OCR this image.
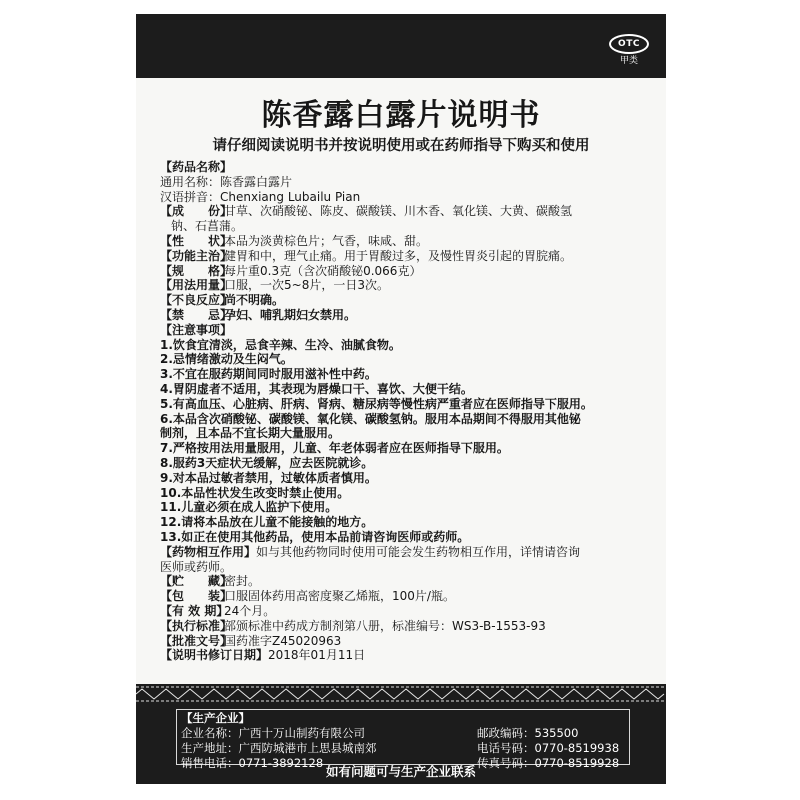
OTC
甲类
陈香露白露片说明书
请仔细阅读说明书并按说明使用或在药师指导下购买和使用
【药品名称】
通用名称：陈香露白露片
汉语拼音：Chenxiang Lubailu Pian
【成　　份】甘草、次硝酸铋、陈皮、碳酸镁、川木香、氧化镁、大黄、碳酸氢
钠、石菖蒲。
【性　　状】本品为淡黄棕色片；气香，味咸、甜。
【功能主治】健胃和中，理气止痛。用于胃酸过多，及慢性胃炎引起的胃脘痛。
【规　　格】每片重0.3克（含次硝酸铋0.066克）
【用法用量】口服，一次5~8片，一日3次。
【不良反应】尚不明确。
【禁　　忌】孕妇、哺乳期妇女禁用。
【注意事项】
1.饮食宜清淡，忌食辛辣、生冷、油腻食物。
2.忌情绪激动及生闷气。
3.不宜在服药期间同时服用滋补性中药。
4.胃阴虚者不适用，其表现为唇燥口干、喜饮、大便干结。
5.有高血压、心脏病、肝病、肾病、糖尿病等慢性病严重者应在医师指导下服用。
6.本品含次硝酸铋、碳酸镁、氧化镁、碳酸氢钠。服用本品期间不得服用其他铋
制剂，且本品不宜长期大量服用。
7.严格按用法用量服用，儿童、年老体弱者应在医师指导下服用。
8.服药3天症状无缓解，应去医院就诊。
9.对本品过敏者禁用，过敏体质者慎用。
10.本品性状发生改变时禁止使用。
11.儿童必须在成人监护下使用。
12.请将本品放在儿童不能接触的地方。
13.如正在使用其他药品，使用本品前请咨询医师或药师。
【药物相互作用】如与其他药物同时使用可能会发生药物相互作用，详情请咨询
医师或药师。
【贮　　藏】密封。
【包　　装】口服固体药用高密度聚乙烯瓶，100片/瓶。
【有 效 期】24个月。
【执行标准】部颁标准中药成方制剂第八册，标准编号：WS3-B-1553-93
【批准文号】国药准字Z45020963
【说明书修订日期】2018年01月11日
【生产企业】
企业名称：广西十万山制药有限公司
生产地址：广西防城港市上思县城南郊
销售电话：0771-3892128
邮政编码：535500
电话号码：0770-8519938
传真号码：0770-8519928
如有问题可与生产企业联系
